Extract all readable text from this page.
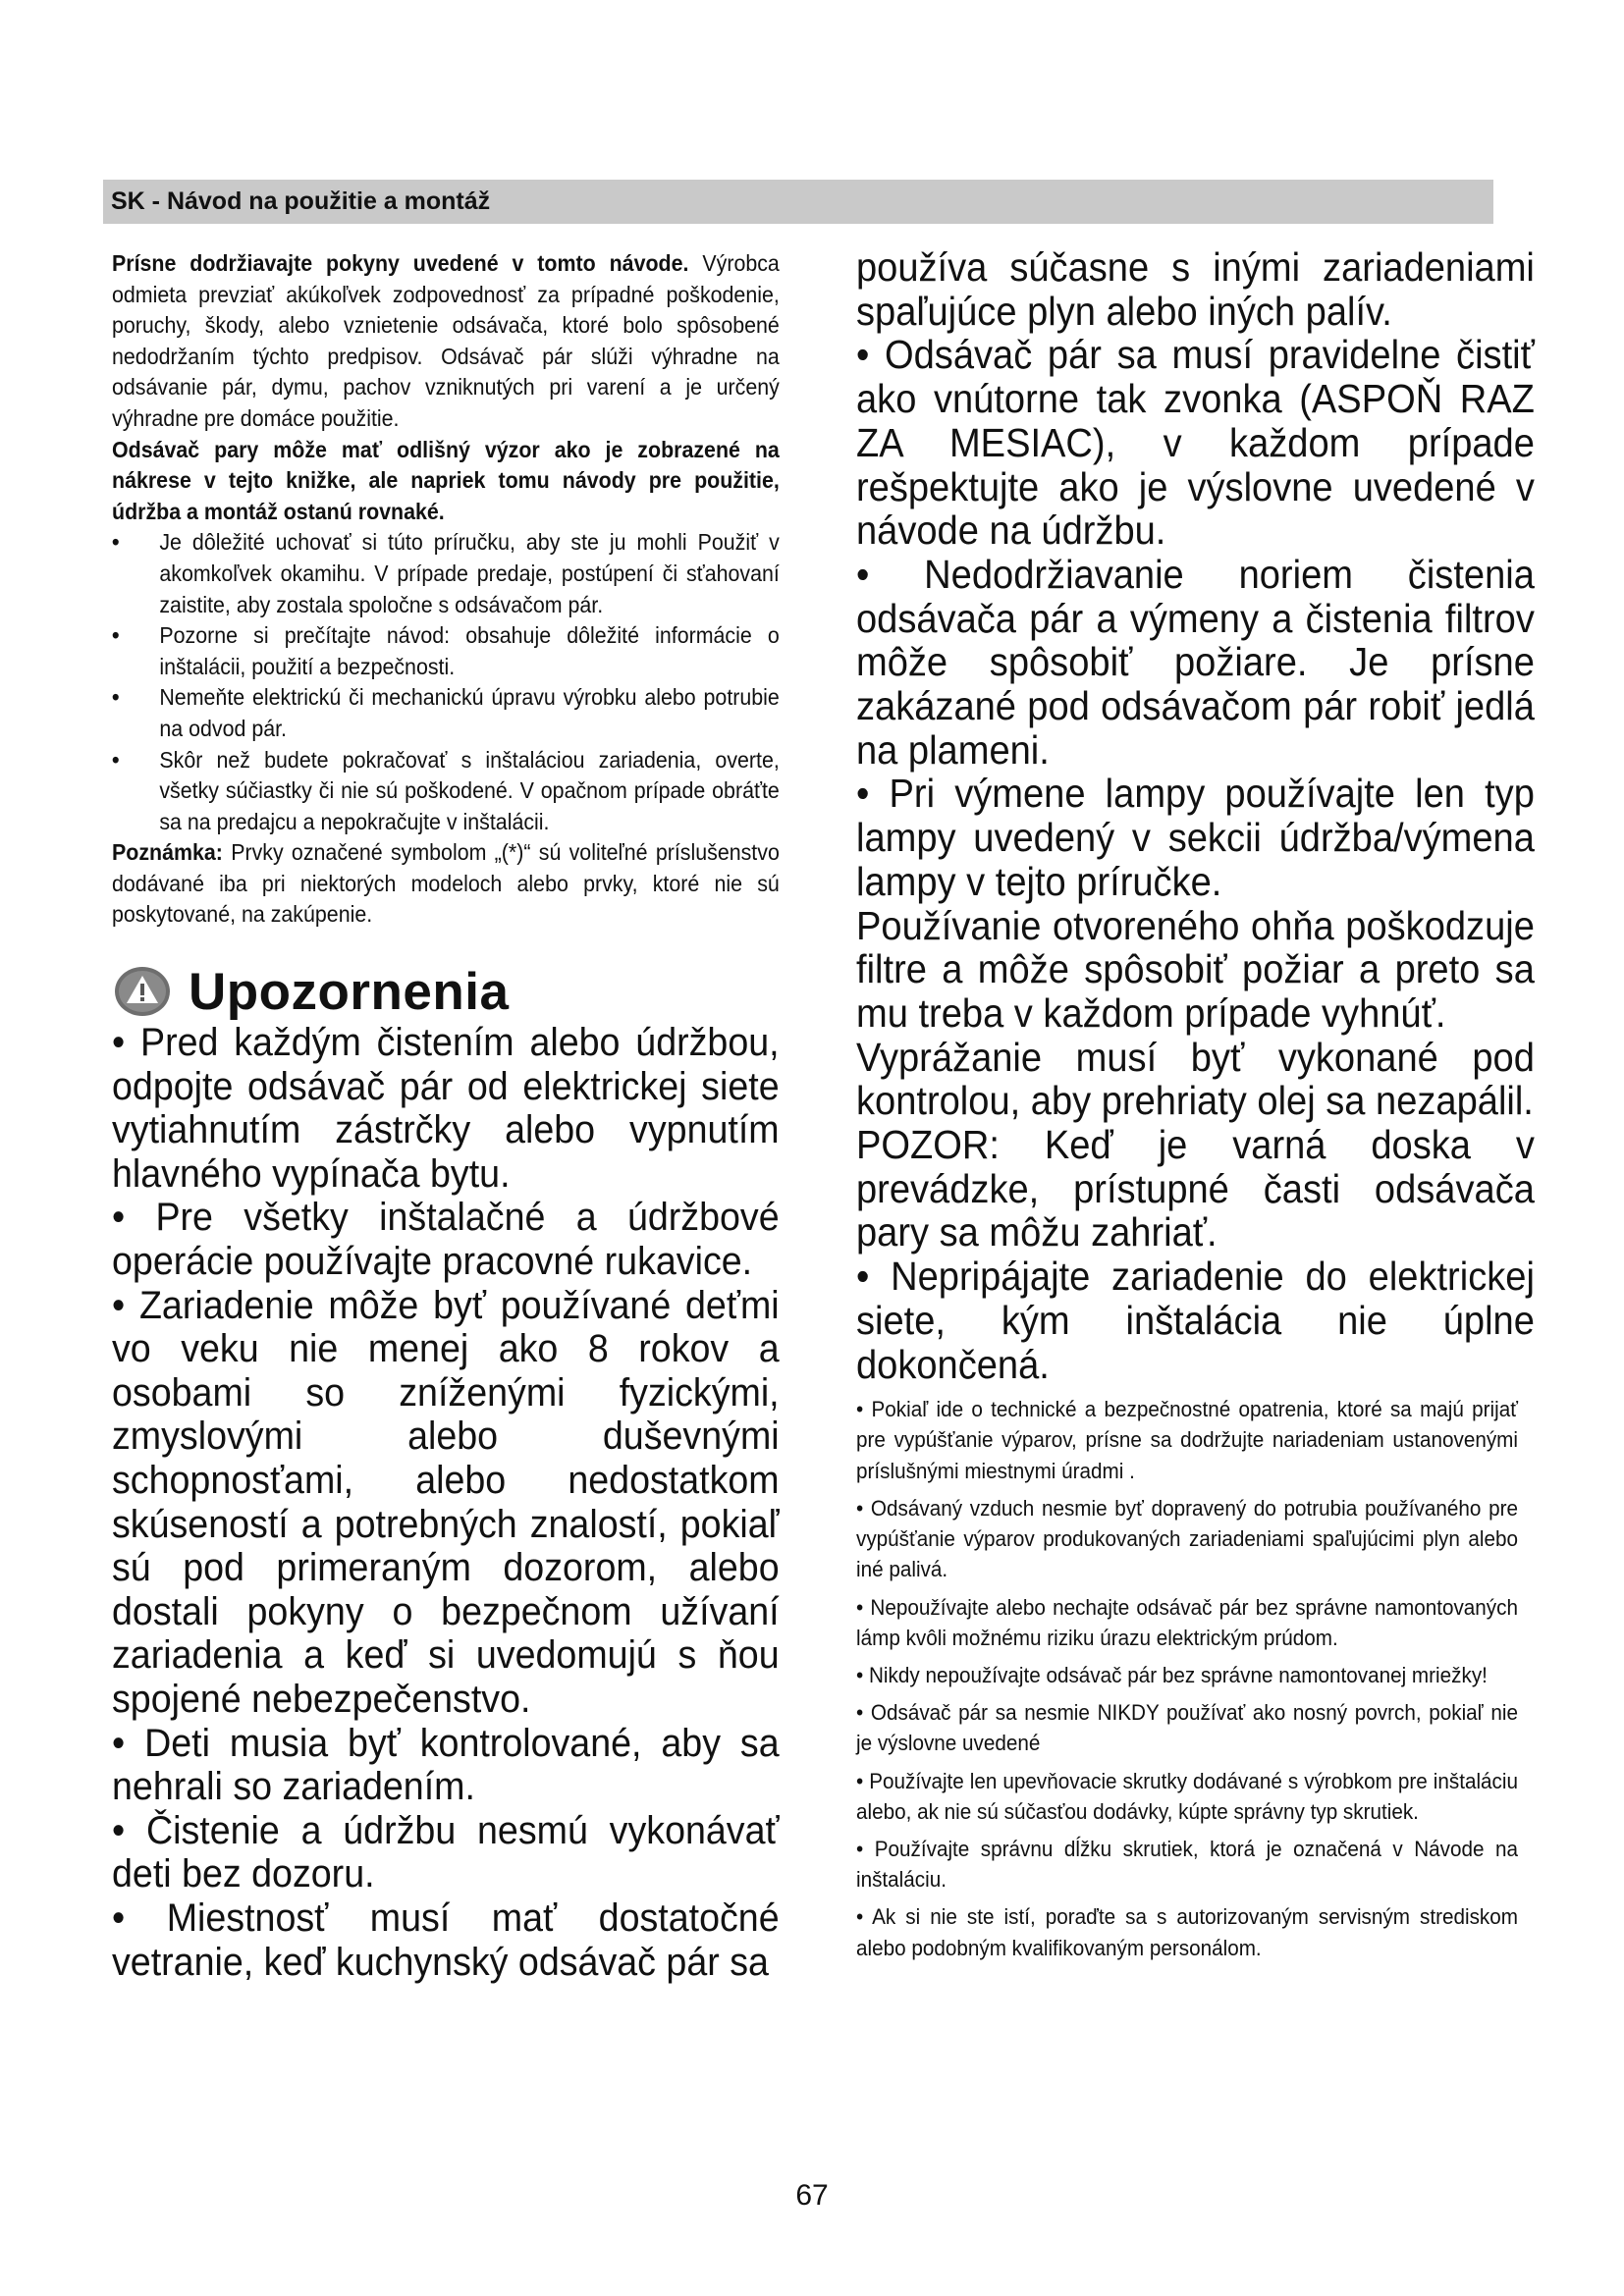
SK - Návod na použitie a montáž

Prísne dodržiavajte pokyny uvedené v tomto návode. Výrobca odmieta prevziať akúkoľvek zodpovednosť za prípadné poškodenie, poruchy, škody, alebo vznietenie odsávača, ktoré bolo spôsobené nedodržaním týchto predpisov. Odsávač pár slúži výhradne na odsávanie pár, dymu, pachov vzniknutých pri varení a je určený výhradne pre domáce použitie.

Odsávač pary môže mať odlišný výzor ako je zobrazené na nákrese v tejto knižke, ale napriek tomu návody pre použitie, údržba a montáž ostanú rovnaké.

• Je dôležité uchovať si túto príručku, aby ste ju mohli Použiť v akomkoľvek okamihu. V prípade predaje, postúpení či sťahovaní zaistite, aby zostala spoločne s odsávačom pár.
• Pozorne si prečítajte návod: obsahuje dôležité informácie o inštalácii, použití a bezpečnosti.
• Nemeňte elektrickú či mechanickú úpravu výrobku alebo potrubie na odvod pár.
• Skôr než budete pokračovať s inštaláciou zariadenia, overte, všetky súčiastky či nie sú poškodené. V opačnom prípade obráťte sa na predajcu a nepokračujte v inštalácii.

Poznámka: Prvky označené symbolom „(*)“ sú voliteľné príslušenstvo dodávané iba pri niektorých modeloch alebo prvky, ktoré nie sú poskytované, na zakúpenie.

Upozornenia

• Pred každým čistením alebo údržbou, odpojte odsávač pár od elektrickej siete vytiahnutím zástrčky alebo vypnutím hlavného vypínača bytu.

• Pre všetky inštalačné a údržbové operácie používajte pracovné rukavice.

• Zariadenie môže byť používané deťmi vo veku nie menej ako 8 rokov a osobami so zníženými fyzickými, zmyslovými alebo duševnými schopnosťami, alebo nedostatkom skúseností a potrebných znalostí, pokiaľ sú pod primeraným dozorom, alebo dostali pokyny o bezpečnom užívaní zariadenia a keď si uvedomujú s ňou spojené nebezpečenstvo.

• Deti musia byť kontrolované, aby sa nehrali so zariadením.

• Čistenie a údržbu nesmú vykonávať deti bez dozoru.

• Miestnosť musí mať dostatočné vetranie, keď kuchynský odsávač pár sa

používa súčasne s inými zariadeniami spaľujúce plyn alebo iných palív.

• Odsávač pár sa musí pravidelne čistiť ako vnútorne tak zvonka (ASPOŇ RAZ ZA MESIAC), v každom prípade rešpektujte ako je výslovne uvedené v návode na údržbu.

• Nedodržiavanie noriem čistenia odsávača pár a výmeny a čistenia filtrov môže spôsobiť požiare. Je prísne zakázané pod odsávačom pár robiť jedlá na plameni.

• Pri výmene lampy používajte len typ lampy uvedený v sekcii údržba/výmena lampy v tejto príručke.

Používanie otvoreného ohňa poškodzuje filtre a môže spôsobiť požiar a preto sa mu treba v každom prípade vyhnúť.

Vyprážanie musí byť vykonané pod kontrolou, aby prehriaty olej sa nezapálil.

POZOR: Keď je varná doska v prevádzke, prístupné časti odsávača pary sa môžu zahriať.

• Nepripájajte zariadenie do elektrickej siete, kým inštalácia nie úplne dokončená.

• Pokiaľ ide o technické a bezpečnostné opatrenia, ktoré sa majú prijať pre vypúšťanie výparov, prísne sa dodržujte nariadeniam ustanovenými príslušnými miestnymi úradmi .

• Odsávaný vzduch nesmie byť dopravený do potrubia používaného pre vypúšťanie výparov produkovaných zariadeniami spaľujúcimi plyn alebo iné palivá.

• Nepoužívajte alebo nechajte odsávač pár bez správne namontovaných lámp kvôli možnému riziku úrazu elektrickým prúdom.

• Nikdy nepoužívajte odsávač pár bez správne namontovanej mriežky!

• Odsávač pár sa nesmie NIKDY používať ako nosný povrch, pokiaľ nie je výslovne uvedené

• Používajte len upevňovacie skrutky dodávané s výrobkom pre inštaláciu alebo, ak nie sú súčasťou dodávky, kúpte správny typ skrutiek.

• Používajte správnu dĺžku skrutiek, ktorá je označená v Návode na inštaláciu.

• Ak si nie ste istí, poraďte sa s autorizovaným servisným strediskom alebo podobným kvalifikovaným personálom.

67
